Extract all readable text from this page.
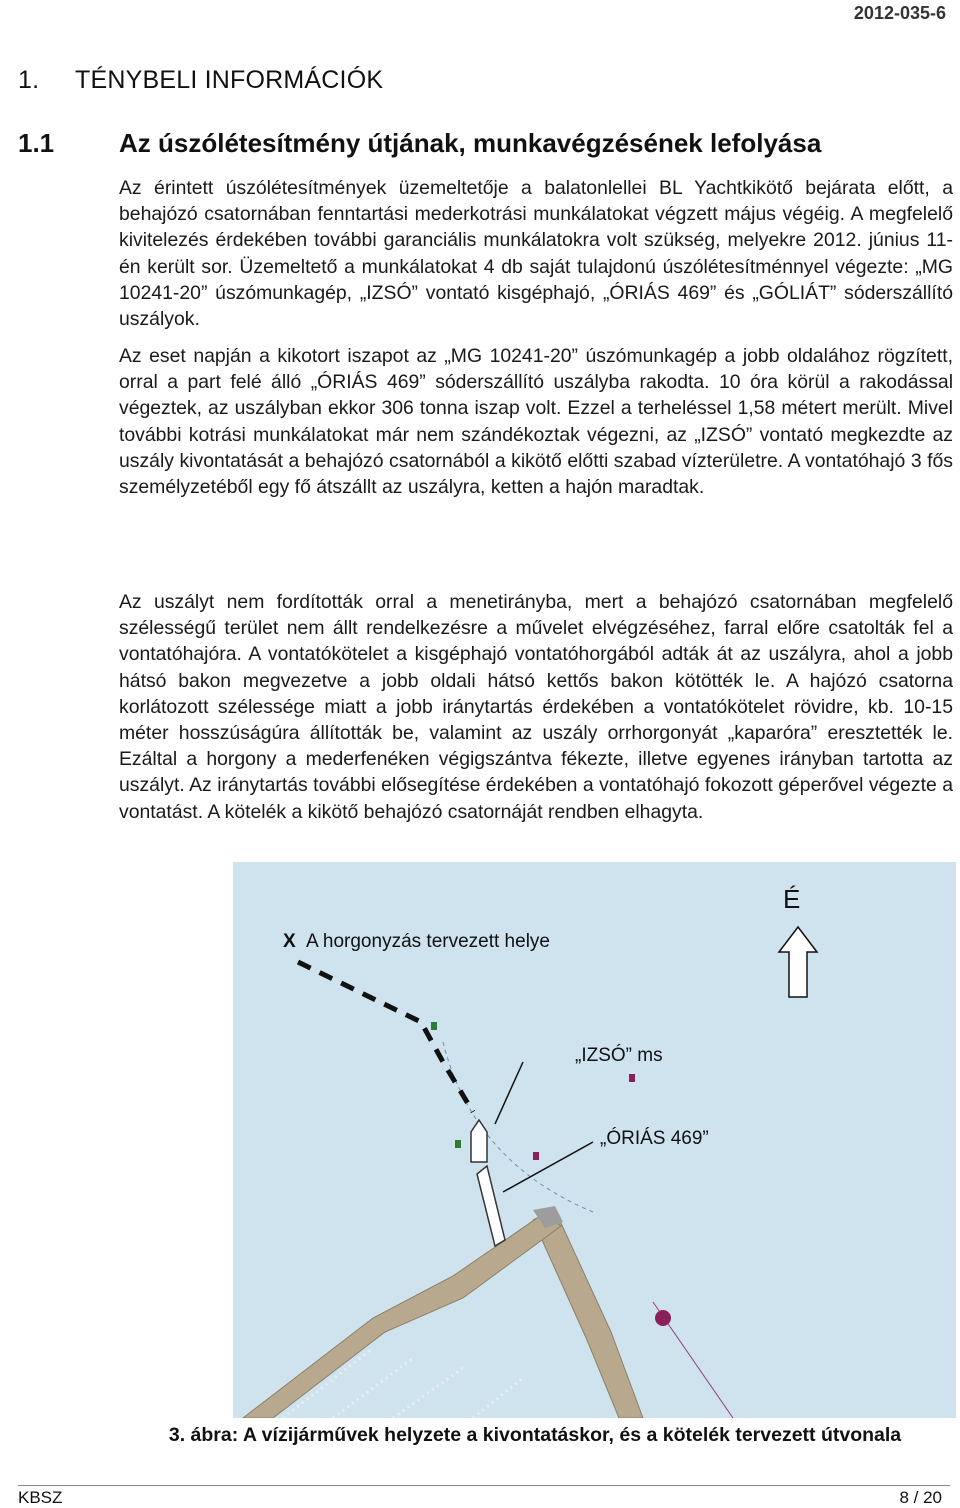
2012-035-6
1. TÉNYBELI INFORMÁCIÓK
1.1 Az úszólétesítmény útjának, munkavégzésének lefolyása
Az érintett úszólétesítmények üzemeltetője a balatonlellei BL Yachtkikötő bejárata előtt, a behajózó csatornában fenntartási mederkotrási munkálatokat végzett május végéig. A megfelelő kivitelezés érdekében további garanciális munkálatokra volt szükség, melyekre 2012. június 11-én került sor. Üzemeltető a munkálatokat 4 db saját tulajdonú úszólétesítménnyel végezte: „MG 10241-20” úszómunkagép, „IZSÓ” vontató kisgéphajó, „ÓRIÁS 469” és „GÓLIÁT” sóderszállító uszályok.
Az eset napján a kikotort iszapot az „MG 10241-20” úszómunkagép a jobb oldalához rögzített, orral a part felé álló „ÓRIÁS 469” sóderszállító uszályba rakodta. 10 óra körül a rakodással végeztek, az uszályban ekkor 306 tonna iszap volt. Ezzel a terheléssel 1,58 métert merült. Mivel további kotrási munkálatokat már nem szándékoztak végezni, az „IZSÓ” vontató megkezdte az uszály kivontatását a behajózó csatornából a kikötő előtti szabad vízterületre. A vontatóhajó 3 fős személyzetéből egy fő átszállt az uszályra, ketten a hajón maradtak.
Az uszályt nem fordították orral a menetirányba, mert a behajózó csatornában megfelelő szélességű terület nem állt rendelkezésre a művelet elvégzéséhez, farral előre csatolták fel a vontatóhajóra. A vontatókötelet a kisgéphajó vontatóhorgából adták át az uszályra, ahol a jobb hátsó bakon megvezetve a jobb oldali hátsó kettős bakon kötötték le. A hajózó csatorna korlátozott szélessége miatt a jobb iránytartás érdekében a vontatókötelet rövidre, kb. 10-15 méter hosszúságúra állították be, valamint az uszály orrhorgonyát „kaparóra” eresztették le. Ezáltal a horgony a mederfenéken végigszántva fékezte, illetve egyenes irányban tartotta az uszályt. Az iránytartás további elősegítése érdekében a vontatóhajó fokozott géperővel végezte a vontatást. A kötelék a kikötő behajózó csatornáját rendben elhagyta.
X A horgonyzás tervezett helye
„IZSÓ” ms
„ÓRIÁS 469”
É
3. ábra: A vízijárművek helyzete a kivontatáskor, és a kötelék tervezett útvonala
KBSZ	8 / 20
